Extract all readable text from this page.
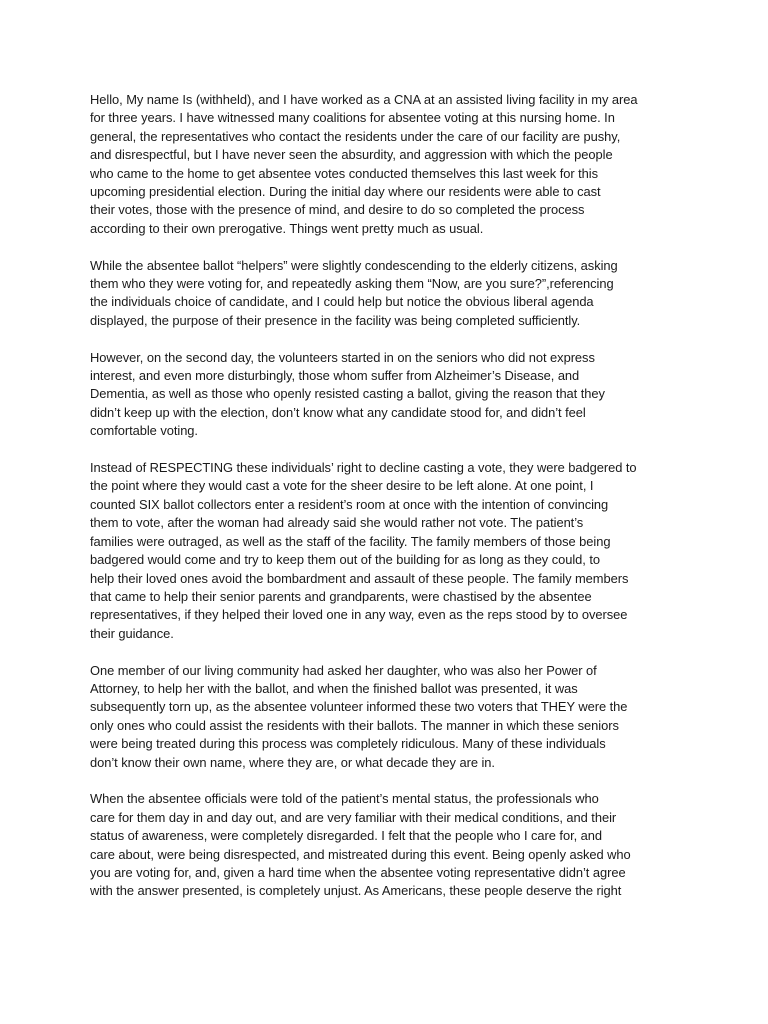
Hello, My name Is (withheld), and I have worked as a CNA at an assisted living facility in my area
for three years. I have witnessed many coalitions for absentee voting at this nursing home. In
general, the representatives who contact the residents under the care of our facility are pushy,
and disrespectful, but I have never seen the absurdity, and aggression with which the people
who came to the home to get absentee votes conducted themselves this last week for this
upcoming presidential election. During the initial day where our residents were able to cast
their votes, those with the presence of mind, and desire to do so completed the process
according to their own prerogative. Things went pretty much as usual.

While the absentee ballot “helpers” were slightly condescending to the elderly citizens, asking
them who they were voting for, and repeatedly asking them “Now, are you sure?”,referencing
the individuals choice of candidate, and I could help but notice the obvious liberal agenda
displayed, the purpose of their presence in the facility was being completed sufficiently.

However, on the second day, the volunteers started in on the seniors who did not express
interest, and even more disturbingly, those whom suffer from Alzheimer’s Disease, and
Dementia, as well as those who openly resisted casting a ballot, giving the reason that they
didn’t keep up with the election, don’t know what any candidate stood for, and didn’t feel
comfortable voting.

Instead of RESPECTING these individuals’ right to decline casting a vote, they were badgered to
the point where they would cast a vote for the sheer desire to be left alone. At one point, I
counted SIX ballot collectors enter a resident’s room at once with the intention of convincing
them to vote, after the woman had already said she would rather not vote. The patient’s
families were outraged, as well as the staff of the facility. The family members of those being
badgered would come and try to keep them out of the building for as long as they could, to
help their loved ones avoid the bombardment and assault of these people. The family members
that came to help their senior parents and grandparents, were chastised by the absentee
representatives, if they helped their loved one in any way, even as the reps stood by to oversee
their guidance.

One member of our living community had asked her daughter, who was also her Power of
Attorney, to help her with the ballot, and when the finished ballot was presented, it was
subsequently torn up, as the absentee volunteer informed these two voters that THEY were the
only ones who could assist the residents with their ballots. The manner in which these seniors
were being treated during this process was completely ridiculous. Many of these individuals
don’t know their own name, where they are, or what decade they are in.

When the absentee officials were told of the patient’s mental status, the professionals who
care for them day in and day out, and are very familiar with their medical conditions, and their
status of awareness, were completely disregarded. I felt that the people who I care for, and
care about, were being disrespected, and mistreated during this event. Being openly asked who
you are voting for, and, given a hard time when the absentee voting representative didn’t agree
with the answer presented, is completely unjust. As Americans, these people deserve the right
